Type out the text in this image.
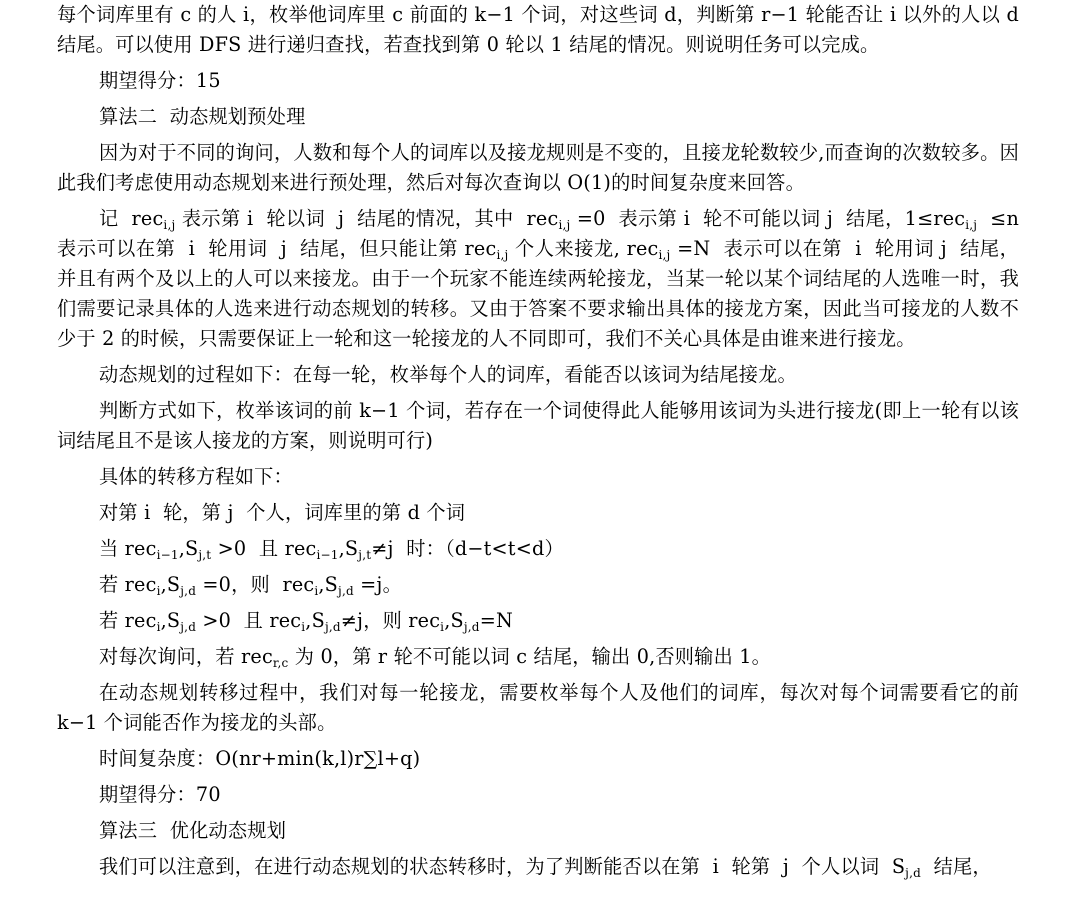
每个词库里有 c 的人 i，枚举他词库里 c 前面的 k−1 个词，对这些词 d，判断第 r−1 轮能否让 i 以外的人以 d 结尾。可以使用 DFS 进行递归查找，若查找到第 0 轮以 1 结尾的情况。则说明任务可以完成。

期望得分：15

算法二  动态规划预处理

因为对于不同的询问，人数和每个人的词库以及接龙规则是不变的，且接龙轮数较少,而查询的次数较多。因此我们考虑使用动态规划来进行预处理，然后对每次查询以 O(1)的时间复杂度来回答。

记  rec$_{i,j}$ 表示第 i  轮以词  j  结尾的情况，其中  rec$_{i,j}$ =0  表示第 i  轮不可能以词 j  结尾，1≤rec$_{i,j}$  ≤n  表示可以在第  i  轮用词  j  结尾，但只能让第 rec$_{i,j}$ 个人来接龙, rec$_{i,j}$ =N  表示可以在第  i  轮用词 j  结尾，并且有两个及以上的人可以来接龙。由于一个玩家不能连续两轮接龙，当某一轮以某个词结尾的人选唯一时，我们需要记录具体的人选来进行动态规划的转移。又由于答案不要求输出具体的接龙方案，因此当可接龙的人数不少于 2 的时候，只需要保证上一轮和这一轮接龙的人不同即可，我们不关心具体是由谁来进行接龙。

动态规划的过程如下：在每一轮，枚举每个人的词库，看能否以该词为结尾接龙。

判断方式如下，枚举该词的前 k−1 个词，若存在一个词使得此人能够用该词为头进行接龙(即上一轮有以该词结尾且不是该人接龙的方案，则说明可行)

具体的转移方程如下：

对第 i  轮，第 j  个人，词库里的第 d 个词

当 $rec_{i-1},S_{j,t} >0$  且 $rec_{i-1},S_{j,t}\ne j$  时：（d−t<t<d）

若 $rec_i,S_{j,d} =0$，则  $rec_i,S_{j,d} =j$。

若 $rec_i,S_{j,d} >0$  且 $rec_i,S_{j,d}\ne j$，则 $rec_i,S_{j,d}=N$

对每次询问，若 rec$_{r,c}$ 为 0，第 r 轮不可能以词 c 结尾，输出 0,否则输出 1。

在动态规划转移过程中，我们对每一轮接龙，需要枚举每个人及他们的词库，每次对每个词需要看它的前 k−1 个词能否作为接龙的头部。

时间复杂度：O(nr+min(k,l)r∑l+q)

期望得分：70

算法三  优化动态规划

我们可以注意到，在进行动态规划的状态转移时，为了判断能否以在第  i  轮第  j  个人以词  $S_{j,d}$  结尾，
